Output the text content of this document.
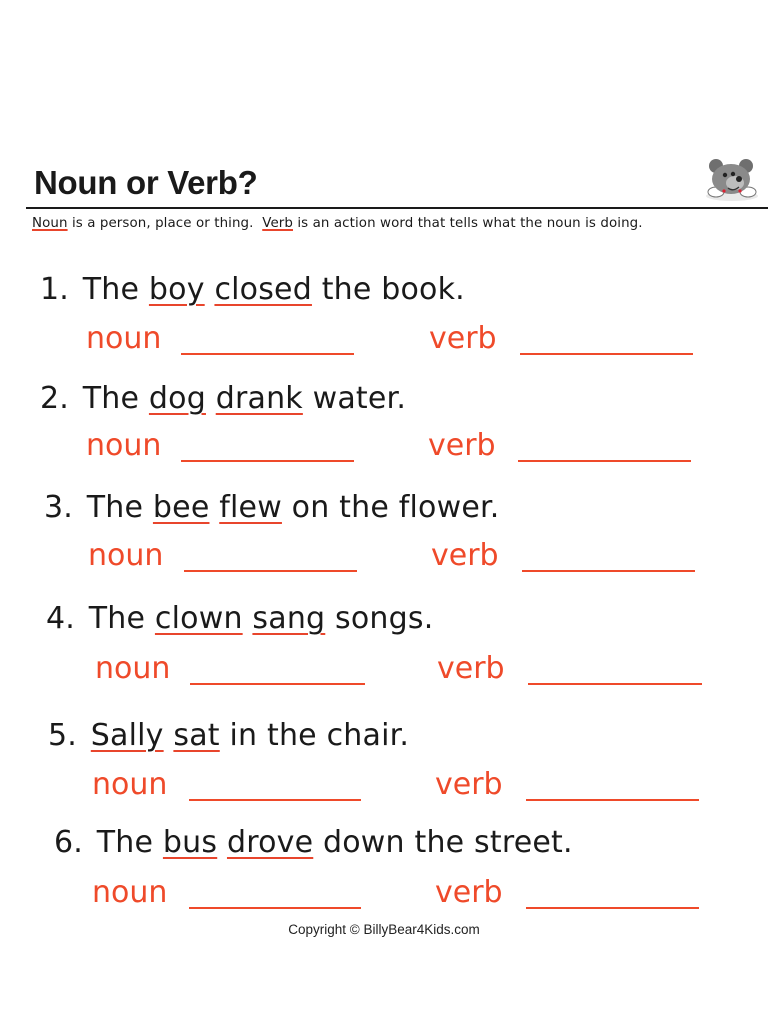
Noun or Verb?
Noun is a person, place or thing.  Verb is an action word that tells what the noun is doing.
1. The boy closed the book.
noun	verb
2. The dog drank water.
noun	verb
3. The bee flew on the flower.
noun	verb
4. The clown sang songs.
noun	verb
5. Sally sat in the chair.
noun	verb
6. The bus drove down the street.
noun	verb
Copyright © BillyBear4Kids.com
